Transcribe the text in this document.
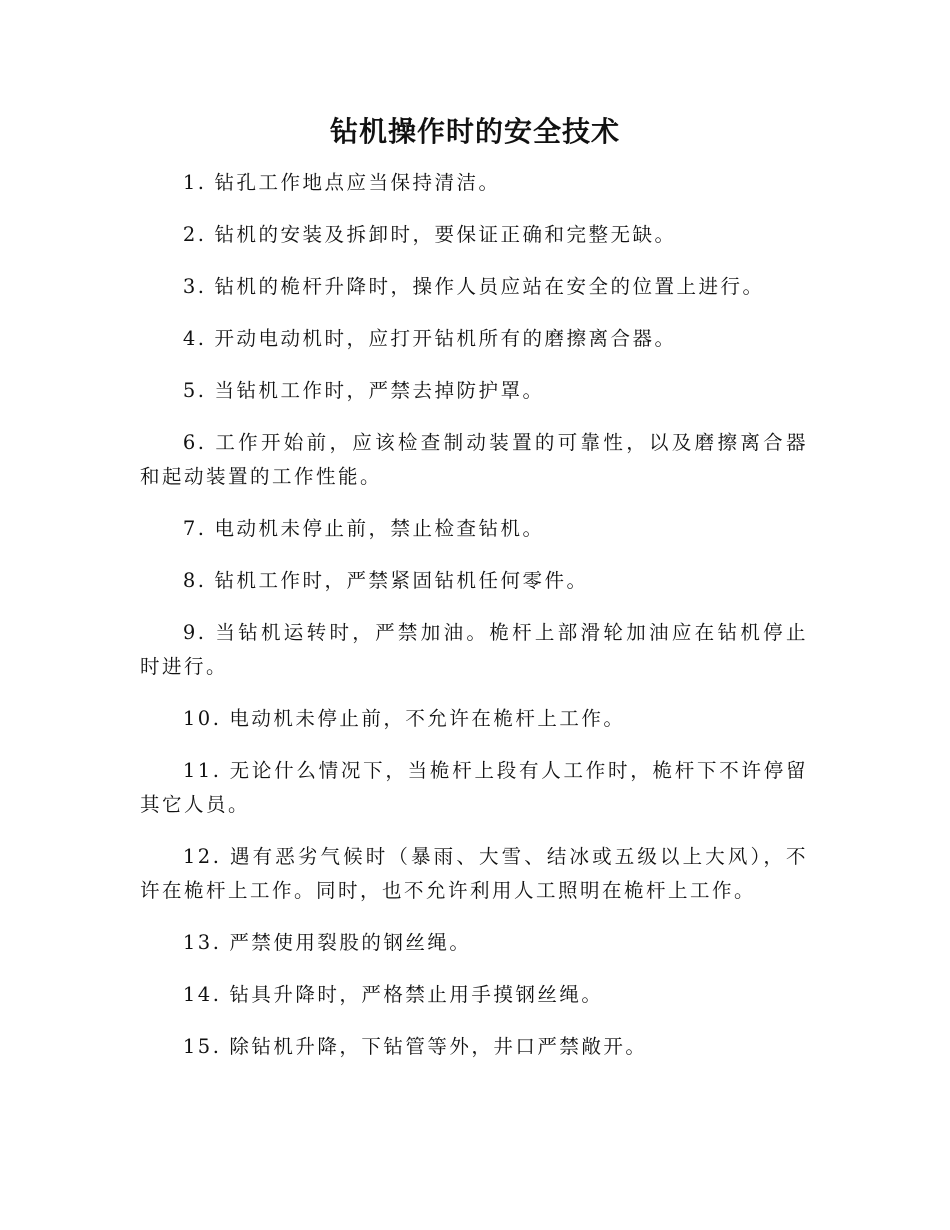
钻机操作时的安全技术

1. 钻孔工作地点应当保持清洁。

2. 钻机的安装及拆卸时，要保证正确和完整无缺。

3. 钻机的桅杆升降时，操作人员应站在安全的位置上进行。

4. 开动电动机时，应打开钻机所有的磨擦离合器。

5. 当钻机工作时，严禁去掉防护罩。

6. 工作开始前，应该检查制动装置的可靠性，以及磨擦离合器和起动装置的工作性能。

7. 电动机未停止前，禁止检查钻机。

8. 钻机工作时，严禁紧固钻机任何零件。

9. 当钻机运转时，严禁加油。桅杆上部滑轮加油应在钻机停止时进行。

10. 电动机未停止前，不允许在桅杆上工作。

11. 无论什么情况下，当桅杆上段有人工作时，桅杆下不许停留其它人员。

12. 遇有恶劣气候时（暴雨、大雪、结冰或五级以上大风），不许在桅杆上工作。同时，也不允许利用人工照明在桅杆上工作。

13. 严禁使用裂股的钢丝绳。

14. 钻具升降时，严格禁止用手摸钢丝绳。

15. 除钻机升降，下钻管等外，井口严禁敞开。
